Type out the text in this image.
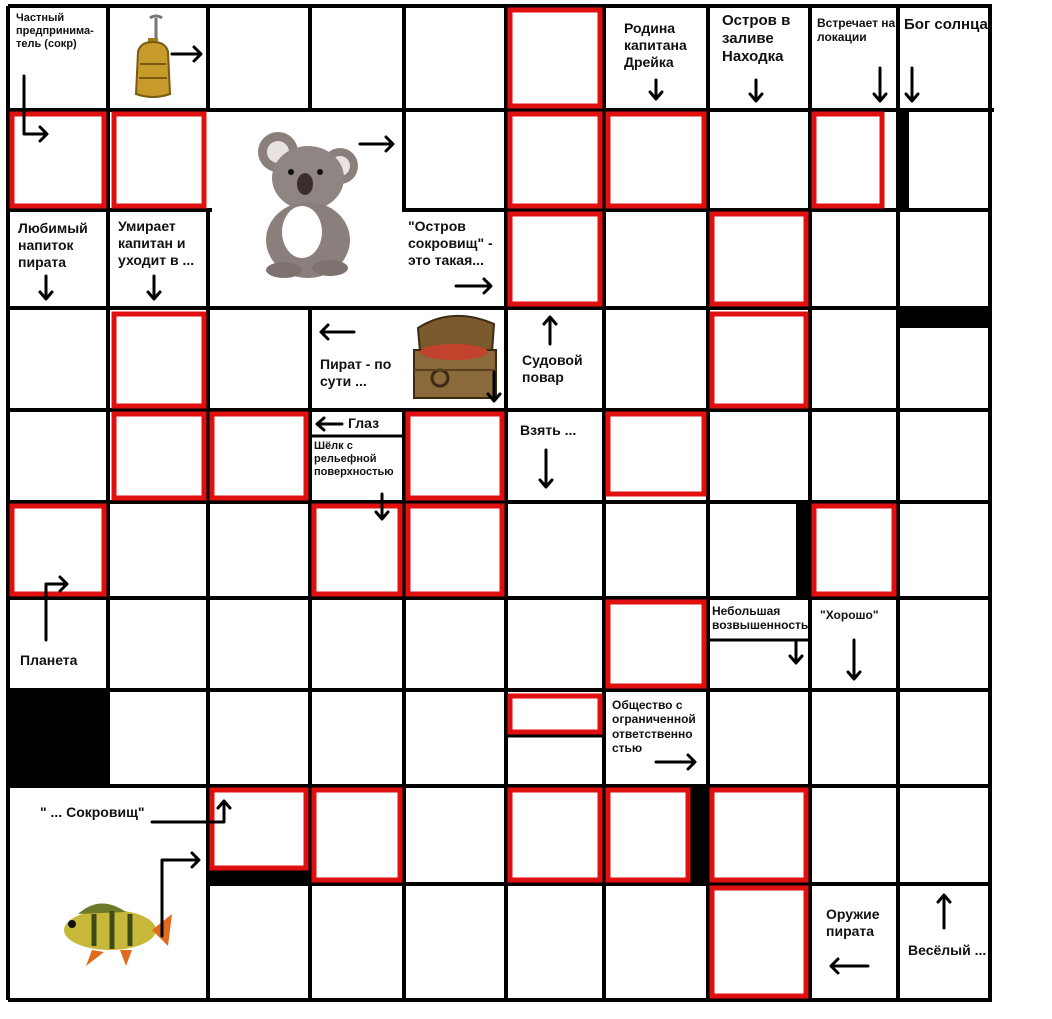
Частный предпринима-тель (сокр)
Родина капитана Дрейка
Остров в заливе Находка
Встречает на локации
Бог солнца
Любимый напиток пирата
Умирает капитан и уходит в ...
"Остров сокровищ" - это такая...
Пират - по сути ...
Судовой повар
Глаз	Взять ...
Шёлк с рельефной поверхностью
Планета
Небольшая возвышенность
"Хорошо"
Общество с ограниченной ответственно стью
" ... Сокровищ"
Оружие пирата
Весёлый ...
